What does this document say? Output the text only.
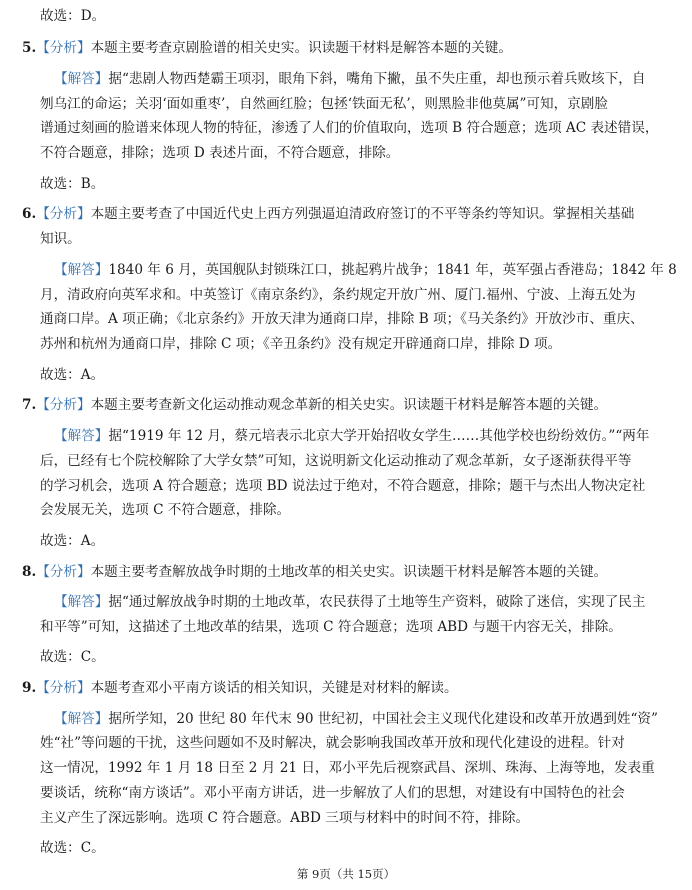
故选：D。
5.【分析】本题主要考查京剧脸谱的相关史实。识读题干材料是解答本题的关键。
【解答】据“悲剧人物西楚霸王项羽，眼角下斜，嘴角下撇，虽不失庄重，却也预示着兵败垓下，自
刎乌江的命运；关羽‘面如重枣’，自然画红脸；包拯‘铁面无私’，则黑脸非他莫属”可知，京剧脸
谱通过刻画的脸谱来体现人物的特征，渗透了人们的价值取向，选项 B 符合题意；选项 AC 表述错误，
不符合题意，排除；选项 D 表述片面，不符合题意，排除。
故选：B。
6.【分析】本题主要考查了中国近代史上西方列强逼迫清政府签订的不平等条约等知识。掌握相关基础
知识。
【解答】1840 年 6 月，英国舰队封锁珠江口，挑起鸦片战争；1841 年，英军强占香港岛；1842 年 8
月，清政府向英军求和。中英签订《南京条约》，条约规定开放广州、厦门.福州、宁波、上海五处为
通商口岸。A 项正确；《北京条约》开放天津为通商口岸，排除 B 项；《马关条约》开放沙市、重庆、
苏州和杭州为通商口岸，排除 C 项；《辛丑条约》没有规定开辟通商口岸，排除 D 项。
故选：A。
7.【分析】本题主要考查新文化运动推动观念革新的相关史实。识读题干材料是解答本题的关键。
【解答】据“1919 年 12 月，蔡元培表示北京大学开始招收女学生……其他学校也纷纷效仿。”“两年
后，已经有七个院校解除了大学女禁”可知，这说明新文化运动推动了观念革新，女子逐渐获得平等
的学习机会，选项 A 符合题意；选项 BD 说法过于绝对，不符合题意，排除；题干与杰出人物决定社
会发展无关，选项 C 不符合题意，排除。
故选：A。
8.【分析】本题主要考查解放战争时期的土地改革的相关史实。识读题干材料是解答本题的关键。
【解答】据“通过解放战争时期的土地改革，农民获得了土地等生产资料，破除了迷信，实现了民主
和平等”可知，这描述了土地改革的结果，选项 C 符合题意；选项 ABD 与题干内容无关，排除。
故选：C。
9.【分析】本题考查邓小平南方谈话的相关知识，关键是对材料的解读。
【解答】据所学知，20 世纪 80 年代末 90 世纪初，中国社会主义现代化建设和改革开放遇到姓“资”
姓“社”等问题的干扰，这些问题如不及时解决，就会影响我国改革开放和现代化建设的进程。针对
这一情况，1992 年 1 月 18 日至 2 月 21 日，邓小平先后视察武昌、深圳、珠海、上海等地，发表重
要谈话，统称“南方谈话”。邓小平南方讲话，进一步解放了人们的思想，对建设有中国特色的社会
主义产生了深远影响。选项 C 符合题意。ABD 三项与材料中的时间不符，排除。
故选：C。
第 9页（共 15页）
